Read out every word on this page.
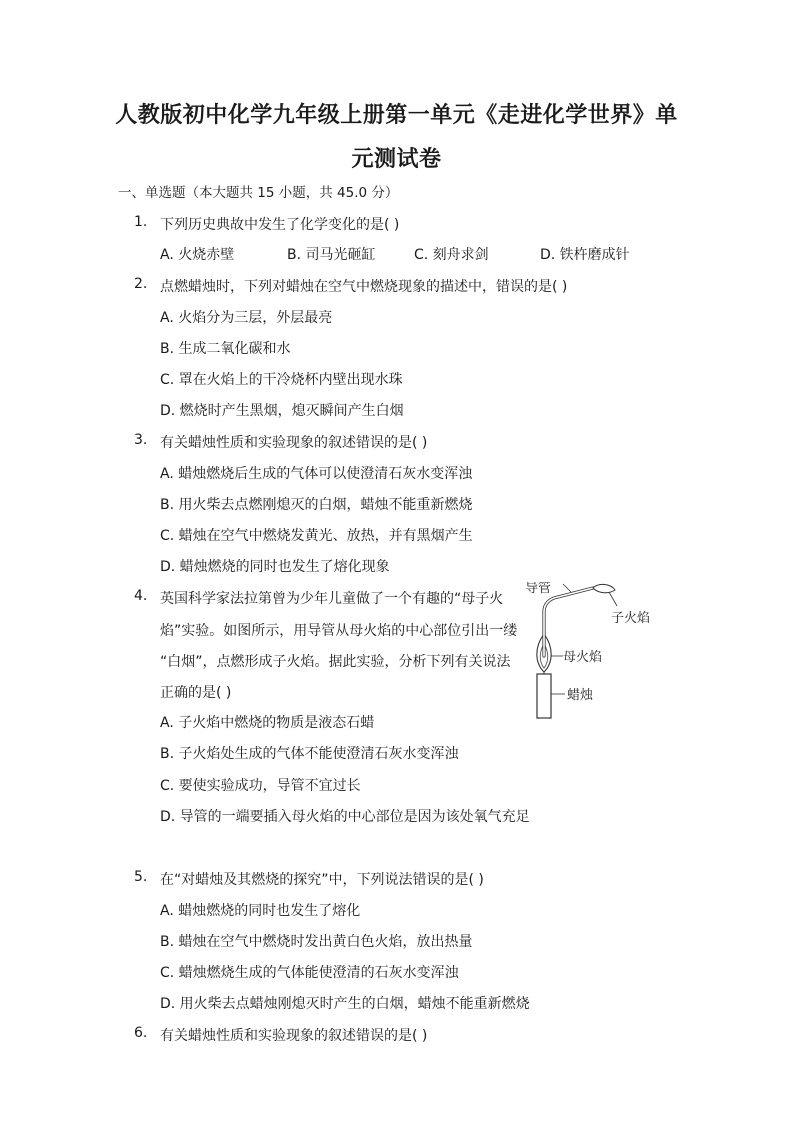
人教版初中化学九年级上册第一单元《走进化学世界》单
元测试卷
一、单选题（本大题共 15 小题，共 45.0 分）
1. 下列历史典故中发生了化学变化的是( )
A. 火烧赤壁	B. 司马光砸缸	C. 刻舟求剑	D. 铁杵磨成针
2. 点燃蜡烛时，下列对蜡烛在空气中燃烧现象的描述中，错误的是( )
A. 火焰分为三层，外层最亮
B. 生成二氧化碳和水
C. 罩在火焰上的干冷烧杯内壁出现水珠
D. 燃烧时产生黑烟，熄灭瞬间产生白烟
3. 有关蜡烛性质和实验现象的叙述错误的是( )
A. 蜡烛燃烧后生成的气体可以使澄清石灰水变浑浊
B. 用火柴去点燃刚熄灭的白烟，蜡烛不能重新燃烧
C. 蜡烛在空气中燃烧发黄光、放热，并有黑烟产生
D. 蜡烛燃烧的同时也发生了熔化现象
4. 英国科学家法拉第曾为少年儿童做了一个有趣的“母子火
焰”实验。如图所示，用导管从母火焰的中心部位引出一缕
“白烟”，点燃形成子火焰。据此实验，分析下列有关说法
正确的是( )
A. 子火焰中燃烧的物质是液态石蜡
B. 子火焰处生成的气体不能使澄清石灰水变浑浊
C. 要使实验成功，导管不宜过长
D. 导管的一端要插入母火焰的中心部位是因为该处氧气充足
导管
子火焰
母火焰
蜡烛
5. 在“对蜡烛及其燃烧的探究”中，下列说法错误的是( )
A. 蜡烛燃烧的同时也发生了熔化
B. 蜡烛在空气中燃烧时发出黄白色火焰，放出热量
C. 蜡烛燃烧生成的气体能使澄清的石灰水变浑浊
D. 用火柴去点蜡烛刚熄灭时产生的白烟，蜡烛不能重新燃烧
6. 有关蜡烛性质和实验现象的叙述错误的是( )
